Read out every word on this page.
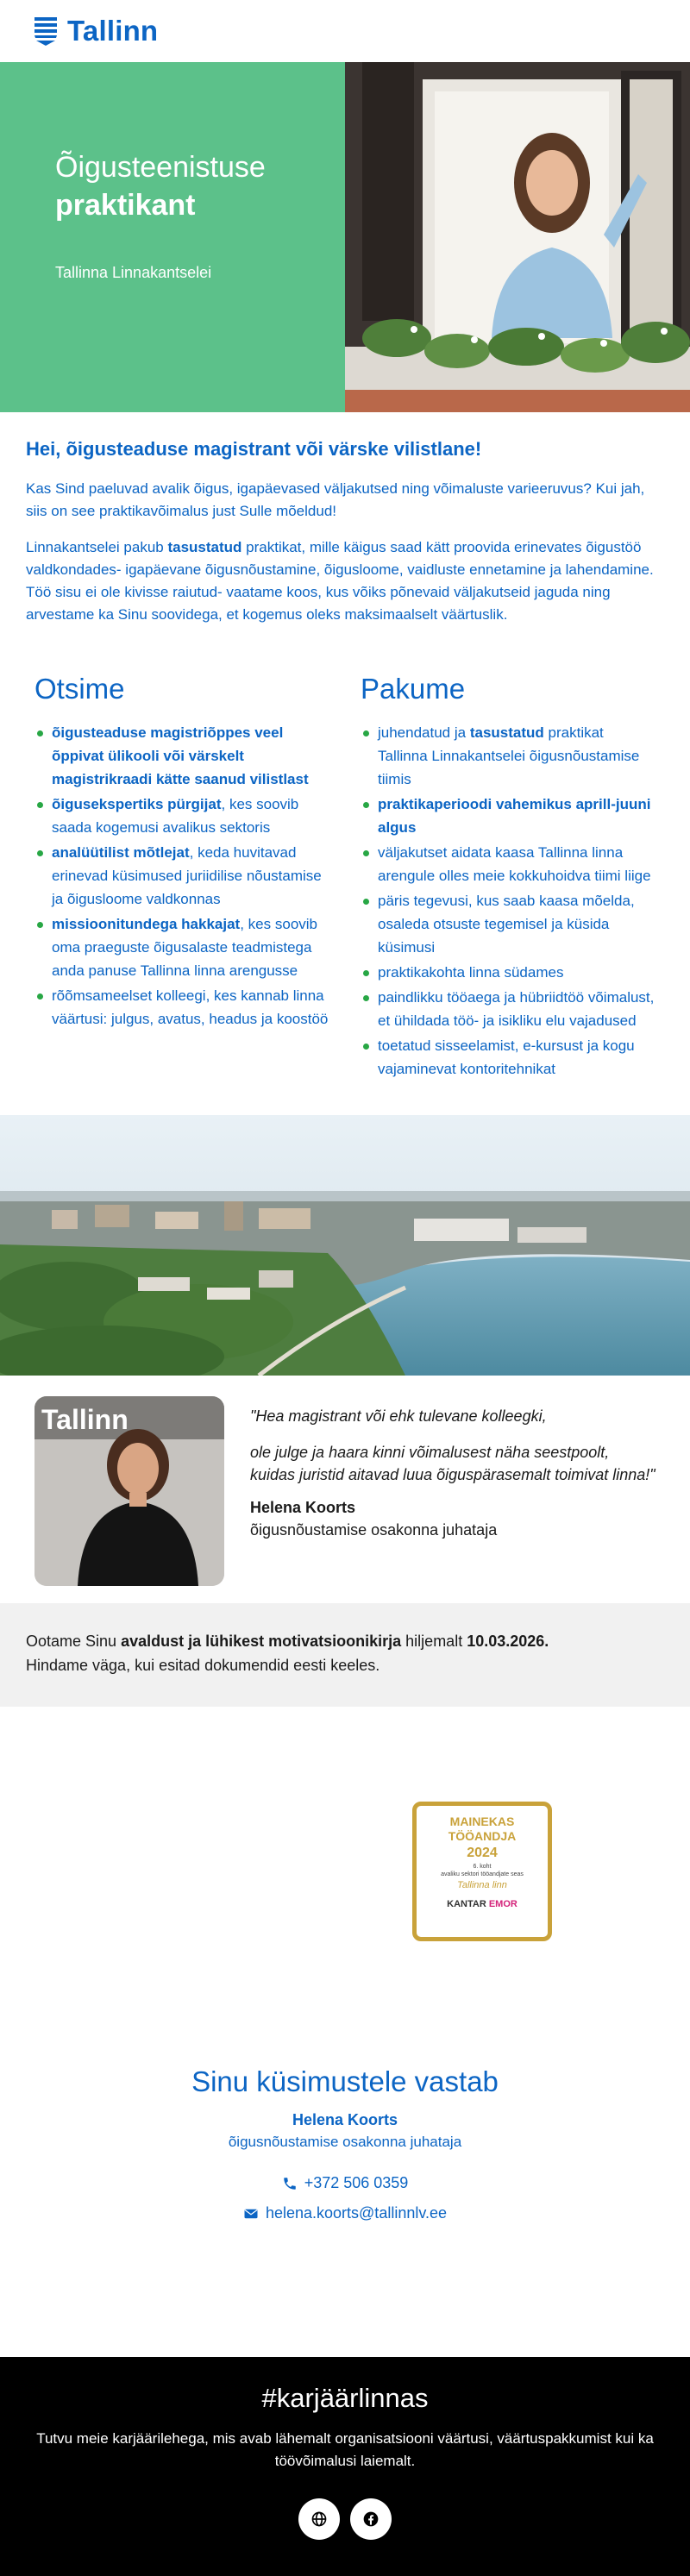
Tallinn
Õigusteenistuse
praktikant
Tallinna Linnakantselei
Hei, õigusteaduse magistrant või värske vilistlane!

Kas Sind paeluvad avalik õigus, igapäevased väljakutsed ning võimaluste varieeruvus? Kui jah, siis on see praktikavõimalus just Sulle mõeldud!

Linnakantselei pakub tasustatud praktikat, mille käigus saad kätt proovida erinevates õigustöö valdkondades- igapäevane õigusnõustamine, õigusloome, vaidluste ennetamine ja lahendamine. Töö sisu ei ole kivisse raiutud- vaatame koos, kus võiks põnevaid väljakutseid jaguda ning arvestame ka Sinu soovidega, et kogemus oleks maksimaalselt väärtuslik.

Otsime
õigusteaduse magistriõppes veel õppivat ülikooli või värskelt magistrikraadi kätte saanud vilistlast
õigusekspertiks pürgijat, kes soovib saada kogemusi avalikus sektoris
analüütilist mõtlejat, keda huvitavad erinevad küsimused juriidilise nõustamise ja õigusloome valdkonnas
missioonitundega hakkajat, kes soovib oma praeguste õigusalaste teadmistega anda panuse Tallinna linna arengusse
rõõmsameelset kolleegi, kes kannab linna väärtusi: julgus, avatus, headus ja koostöö
Pakume
juhendatud ja tasustatud praktikat Tallinna Linnakantselei õigusnõustamise tiimis
praktikaperioodi vahemikus aprill-juuni algus
väljakutset aidata kaasa Tallinna linna arengule olles meie kokkuhoidva tiimi liige
päris tegevusi, kus saab kaasa mõelda, osaleda otsuste tegemisel ja küsida küsimusi
praktikakohta linna südames
paindlikku tööaega ja hübriidtöö võimalust, et ühildada töö- ja isikliku elu vajadused
toetatud sisseelamist, e-kursust ja kogu vajaminevat kontoritehnikat
Tallinn	"Hea magistrant või ehk tulevane kolleegki,
ole julge ja haara kinni võimalusest näha seestpoolt, kuidas juristid aitavad luua õiguspärasemalt toimivat linna!"
Helena Koorts
õigusnõustamise osakonna juhataja
Ootame Sinu avaldust ja lühikest motivatsioonikirja hiljemalt 10.03.2026.
Hindame väga, kui esitad dokumendid eesti keeles.
MAINEKAS
TÖÖANDJA
2024
6. koht
avaliku sektori tööandjate seas
Tallinna linn
KANTAR EMOR
Sinu küsimustele vastab
Helena Koorts
õigusnõustamise osakonna juhataja
+372 506 0359
helena.koorts@tallinnlv.ee
#karjäärlinnas

Tutvu meie karjäärilehega, mis avab lähemalt organisatsiooni väärtusi, väärtuspakkumist kui ka töövõimalusi laiemalt.
